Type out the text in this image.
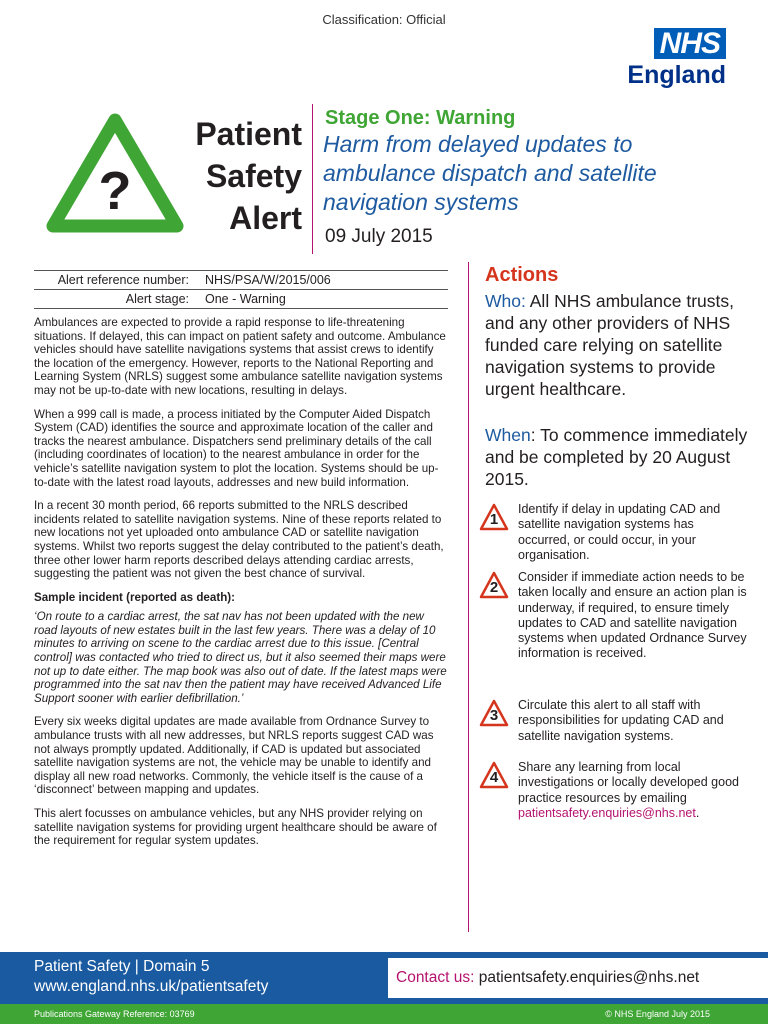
Classification: Official
NHS
England
?
Patient
Safety
Alert
Stage One: Warning
Harm from delayed updates to ambulance dispatch and satellite navigation systems
09 July 2015
Alert reference number:	NHS/PSA/W/2015/006
Alert stage:	One - Warning

Ambulances are expected to provide a rapid response to life-threatening situations. If delayed, this can impact on patient safety and outcome. Ambulance vehicles should have satellite navigations systems that assist crews to identify the location of the emergency. However, reports to the National Reporting and Learning System (NRLS) suggest some ambulance satellite navigation systems may not be up-to-date with new locations, resulting in delays.

When a 999 call is made, a process initiated by the Computer Aided Dispatch System (CAD) identifies the source and approximate location of the caller and tracks the nearest ambulance. Dispatchers send preliminary details of the call (including coordinates of location) to the nearest ambulance in order for the vehicle’s satellite navigation system to plot the location. Systems should be up-to-date with the latest road layouts, addresses and new build information.

In a recent 30 month period, 66 reports submitted to the NRLS described incidents related to satellite navigation systems. Nine of these reports related to new locations not yet uploaded onto ambulance CAD or satellite navigation systems. Whilst two reports suggest the delay contributed to the patient’s death, three other lower harm reports described delays attending cardiac arrests, suggesting the patient was not given the best chance of survival.

Sample incident (reported as death):

‘On route to a cardiac arrest, the sat nav has not been updated with the new road layouts of new estates built in the last few years. There was a delay of 10 minutes to arriving on scene to the cardiac arrest due to this issue. [Central control] was contacted who tried to direct us, but it also seemed their maps were not up to date either. The map book was also out of date. If the latest maps were programmed into the sat nav then the patient may have received Advanced Life Support sooner with earlier defibrillation.’

Every six weeks digital updates are made available from Ordnance Survey to ambulance trusts with all new addresses, but NRLS reports suggest CAD was not always promptly updated. Additionally, if CAD is updated but associated satellite navigation systems are not, the vehicle may be unable to identify and display all new road networks. Commonly, the vehicle itself is the cause of a ‘disconnect’ between mapping and updates.

This alert focusses on ambulance vehicles, but any NHS provider relying on satellite navigation systems for providing urgent healthcare should be aware of the requirement for regular system updates.

Actions
Who: All NHS ambulance trusts, and any other providers of NHS funded care relying on satellite navigation systems to provide urgent healthcare.
When: To commence immediately and be completed by 20 August 2015.
1
Identify if delay in updating CAD and satellite navigation systems has occurred, or could occur, in your organisation.
2
Consider if immediate action needs to be taken locally and ensure an action plan is underway, if required, to ensure timely updates to CAD and satellite navigation systems when updated Ordnance Survey information is received.
3
Circulate this alert to all staff with responsibilities for updating CAD and satellite navigation systems.
4
Share any learning from local investigations or locally developed good practice resources by emailing patientsafety.enquiries@nhs.net.
Patient Safety | Domain 5
www.england.nhs.uk/patientsafety
Contact us: patientsafety.enquiries@nhs.net
Publications Gateway Reference: 03769	© NHS England July 2015
